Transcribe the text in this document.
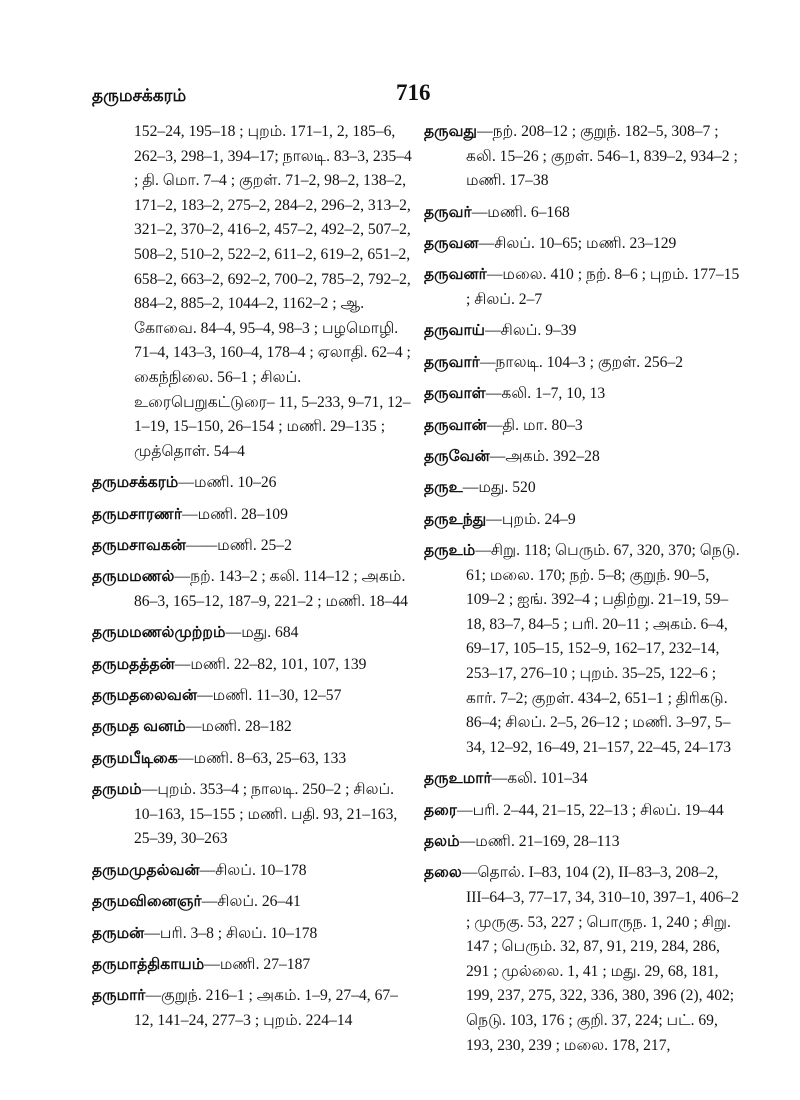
தருமசக்கரம்	716

152–24, 195–18 ; புறம். 171–1, 2, 185–6, 262–3, 298–1, 394–17; நாலடி. 83–3, 235–4 ; தி. மொ. 7–4 ; குறள். 71–2, 98–2, 138–2, 171–2, 183–2, 275–2, 284–2, 296–2, 313–2, 321–2, 370–2, 416–2, 457–2, 492–2, 507–2, 508–2, 510–2, 522–2, 611–2, 619–2, 651–2, 658–2, 663–2, 692–2, 700–2, 785–2, 792–2, 884–2, 885–2, 1044–2, 1162–2 ; ஆ. கோவை. 84–4, 95–4, 98–3 ; பழமொழி. 71–4, 143–3, 160–4, 178–4 ; ஏலாதி. 62–4 ; கைந்நிலை. 56–1 ; சிலப். உரைபெறுகட்டுரை– 11, 5–233, 9–71, 12–1–19, 15–150, 26–154 ; மணி. 29–135 ; முத்தொள். 54–4

தருமசக்கரம்—மணி. 10–26

தருமசாரணர்—மணி. 28–109

தருமசாவகன்——மணி. 25–2

தருமமணல்—நற். 143–2 ; கலி. 114–12 ; அகம். 86–3, 165–12, 187–9, 221–2 ; மணி. 18–44

தருமமணல்முற்றம்—மது. 684

தருமதத்தன்—மணி. 22–82, 101, 107, 139

தருமதலைவன்—மணி. 11–30, 12–57

தருமத வனம்—மணி. 28–182

தருமபீடிகை—மணி. 8–63, 25–63, 133

தருமம்—புறம். 353–4 ; நாலடி. 250–2 ; சிலப். 10–163, 15–155 ; மணி. பதி. 93, 21–163, 25–39, 30–263

தருமமுதல்வன்—சிலப். 10–178

தருமவினைஞர்—சிலப். 26–41

தருமன்—பரி. 3–8 ; சிலப். 10–178

தருமாத்திகாயம்—மணி. 27–187

தருமார்—குறுந். 216–1 ; அகம். 1–9, 27–4, 67–12, 141–24, 277–3 ; புறம். 224–14

தருவது—நற். 208–12 ; குறுந். 182–5, 308–7 ; கலி. 15–26 ; குறள். 546–1, 839–2, 934–2 ; மணி. 17–38

தருவர்—மணி. 6–168

தருவன—சிலப். 10–65; மணி. 23–129

தருவனர்—மலை. 410 ; நற். 8–6 ; புறம். 177–15 ; சிலப். 2–7

தருவாய்—சிலப். 9–39

தருவார்—நாலடி. 104–3 ; குறள். 256–2

தருவாள்—கலி. 1–7, 10, 13

தருவான்—தி. மா. 80–3

தருவேன்—அகம். 392–28

தருஉ—மது. 520

தருஉந்து—புறம். 24–9

தருஉம்—சிறு. 118; பெரும். 67, 320, 370; நெடு. 61; மலை. 170; நற். 5–8; குறுந். 90–5, 109–2 ; ஐங். 392–4 ; பதிற்று. 21–19, 59–18, 83–7, 84–5 ; பரி. 20–11 ; அகம். 6–4, 69–17, 105–15, 152–9, 162–17, 232–14, 253–17, 276–10 ; புறம். 35–25, 122–6 ; கார். 7–2; குறள். 434–2, 651–1 ; திரிகடு. 86–4; சிலப். 2–5, 26–12 ; மணி. 3–97, 5–34, 12–92, 16–49, 21–157, 22–45, 24–173

தருஉமார்—கலி. 101–34

தரை—பரி. 2–44, 21–15, 22–13 ; சிலப். 19–44

தலம்—மணி. 21–169, 28–113

தலை—தொல். I–83, 104 (2), II–83–3, 208–2, III–64–3, 77–17, 34, 310–10, 397–1, 406–2 ; முருகு. 53, 227 ; பொருந. 1, 240 ; சிறு. 147 ; பெரும். 32, 87, 91, 219, 284, 286, 291 ; முல்லை. 1, 41 ; மது. 29, 68, 181, 199, 237, 275, 322, 336, 380, 396 (2), 402; நெடு. 103, 176 ; குறி. 37, 224; பட். 69, 193, 230, 239 ; மலை. 178, 217,
